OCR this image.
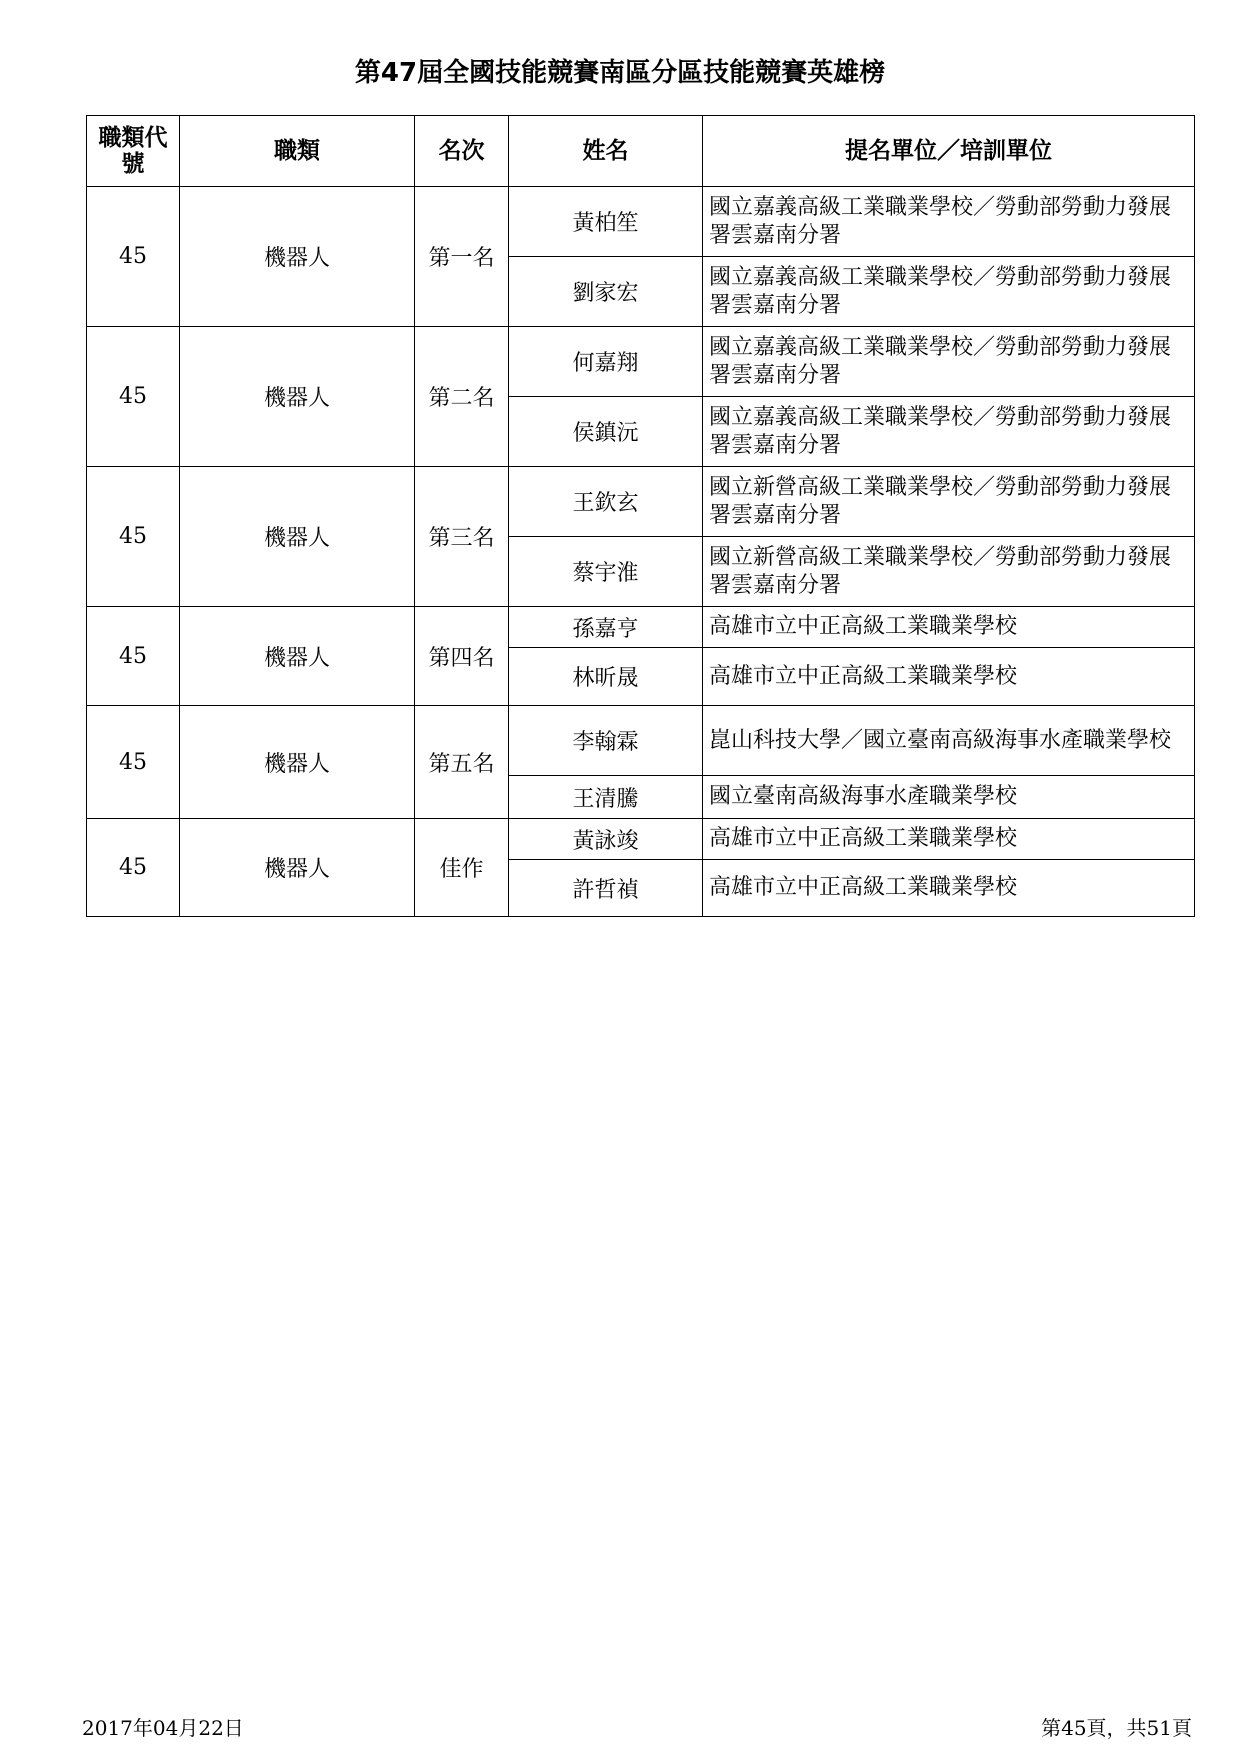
第47屆全國技能競賽南區分區技能競賽英雄榜
職類代號	職類	名次	姓名	提名單位／培訓單位
45	機器人	第一名	黃柏笙	國立嘉義高級工業職業學校／勞動部勞動力發展署雲嘉南分署
			劉家宏	國立嘉義高級工業職業學校／勞動部勞動力發展署雲嘉南分署
45	機器人	第二名	何嘉翔	國立嘉義高級工業職業學校／勞動部勞動力發展署雲嘉南分署
			侯鎮沅	國立嘉義高級工業職業學校／勞動部勞動力發展署雲嘉南分署
45	機器人	第三名	王欽玄	國立新營高級工業職業學校／勞動部勞動力發展署雲嘉南分署
			蔡宇淮	國立新營高級工業職業學校／勞動部勞動力發展署雲嘉南分署
45	機器人	第四名	孫嘉亨	高雄市立中正高級工業職業學校
			林昕晟	高雄市立中正高級工業職業學校
45	機器人	第五名	李翰霖	崑山科技大學／國立臺南高級海事水產職業學校
			王清騰	國立臺南高級海事水產職業學校
45	機器人	佳作	黃詠竣	高雄市立中正高級工業職業學校
			許哲禎	高雄市立中正高級工業職業學校
2017年04月22日	第45頁，共51頁
